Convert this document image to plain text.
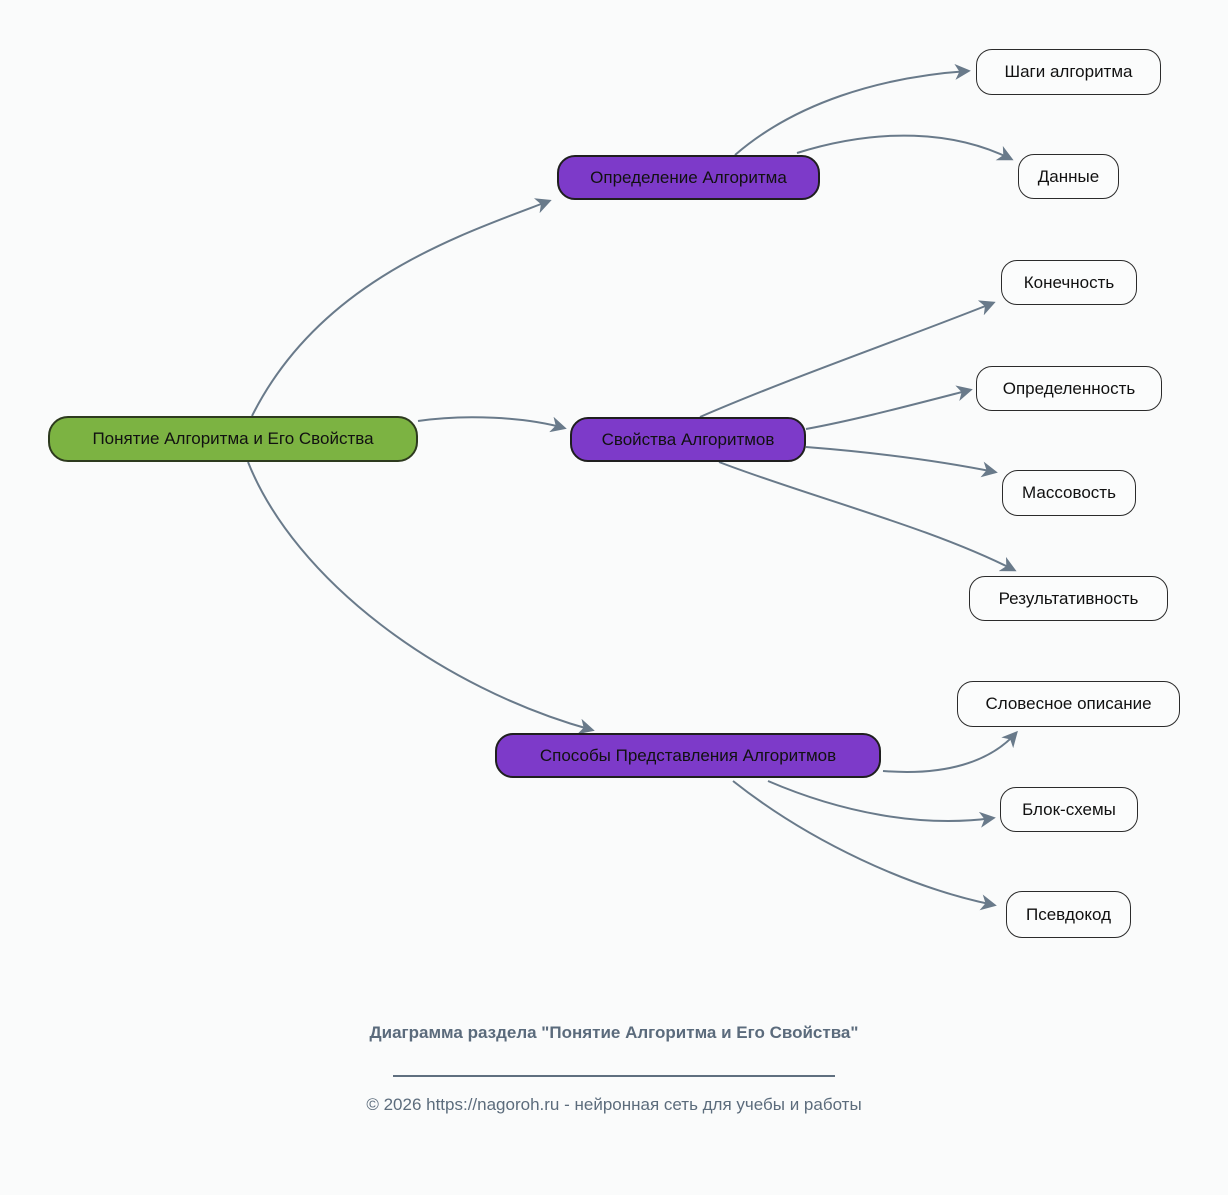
Понятие Алгоритма и Его Свойства
Определение Алгоритма
Свойства Алгоритмов
Способы Представления Алгоритмов
Шаги алгоритма
Данные
Конечность
Определенность
Массовость
Результативность
Словесное описание
Блок-схемы
Псевдокод
Диаграмма раздела "Понятие Алгоритма и Его Свойства"
© 2026 https://nagoroh.ru - нейронная сеть для учебы и работы
